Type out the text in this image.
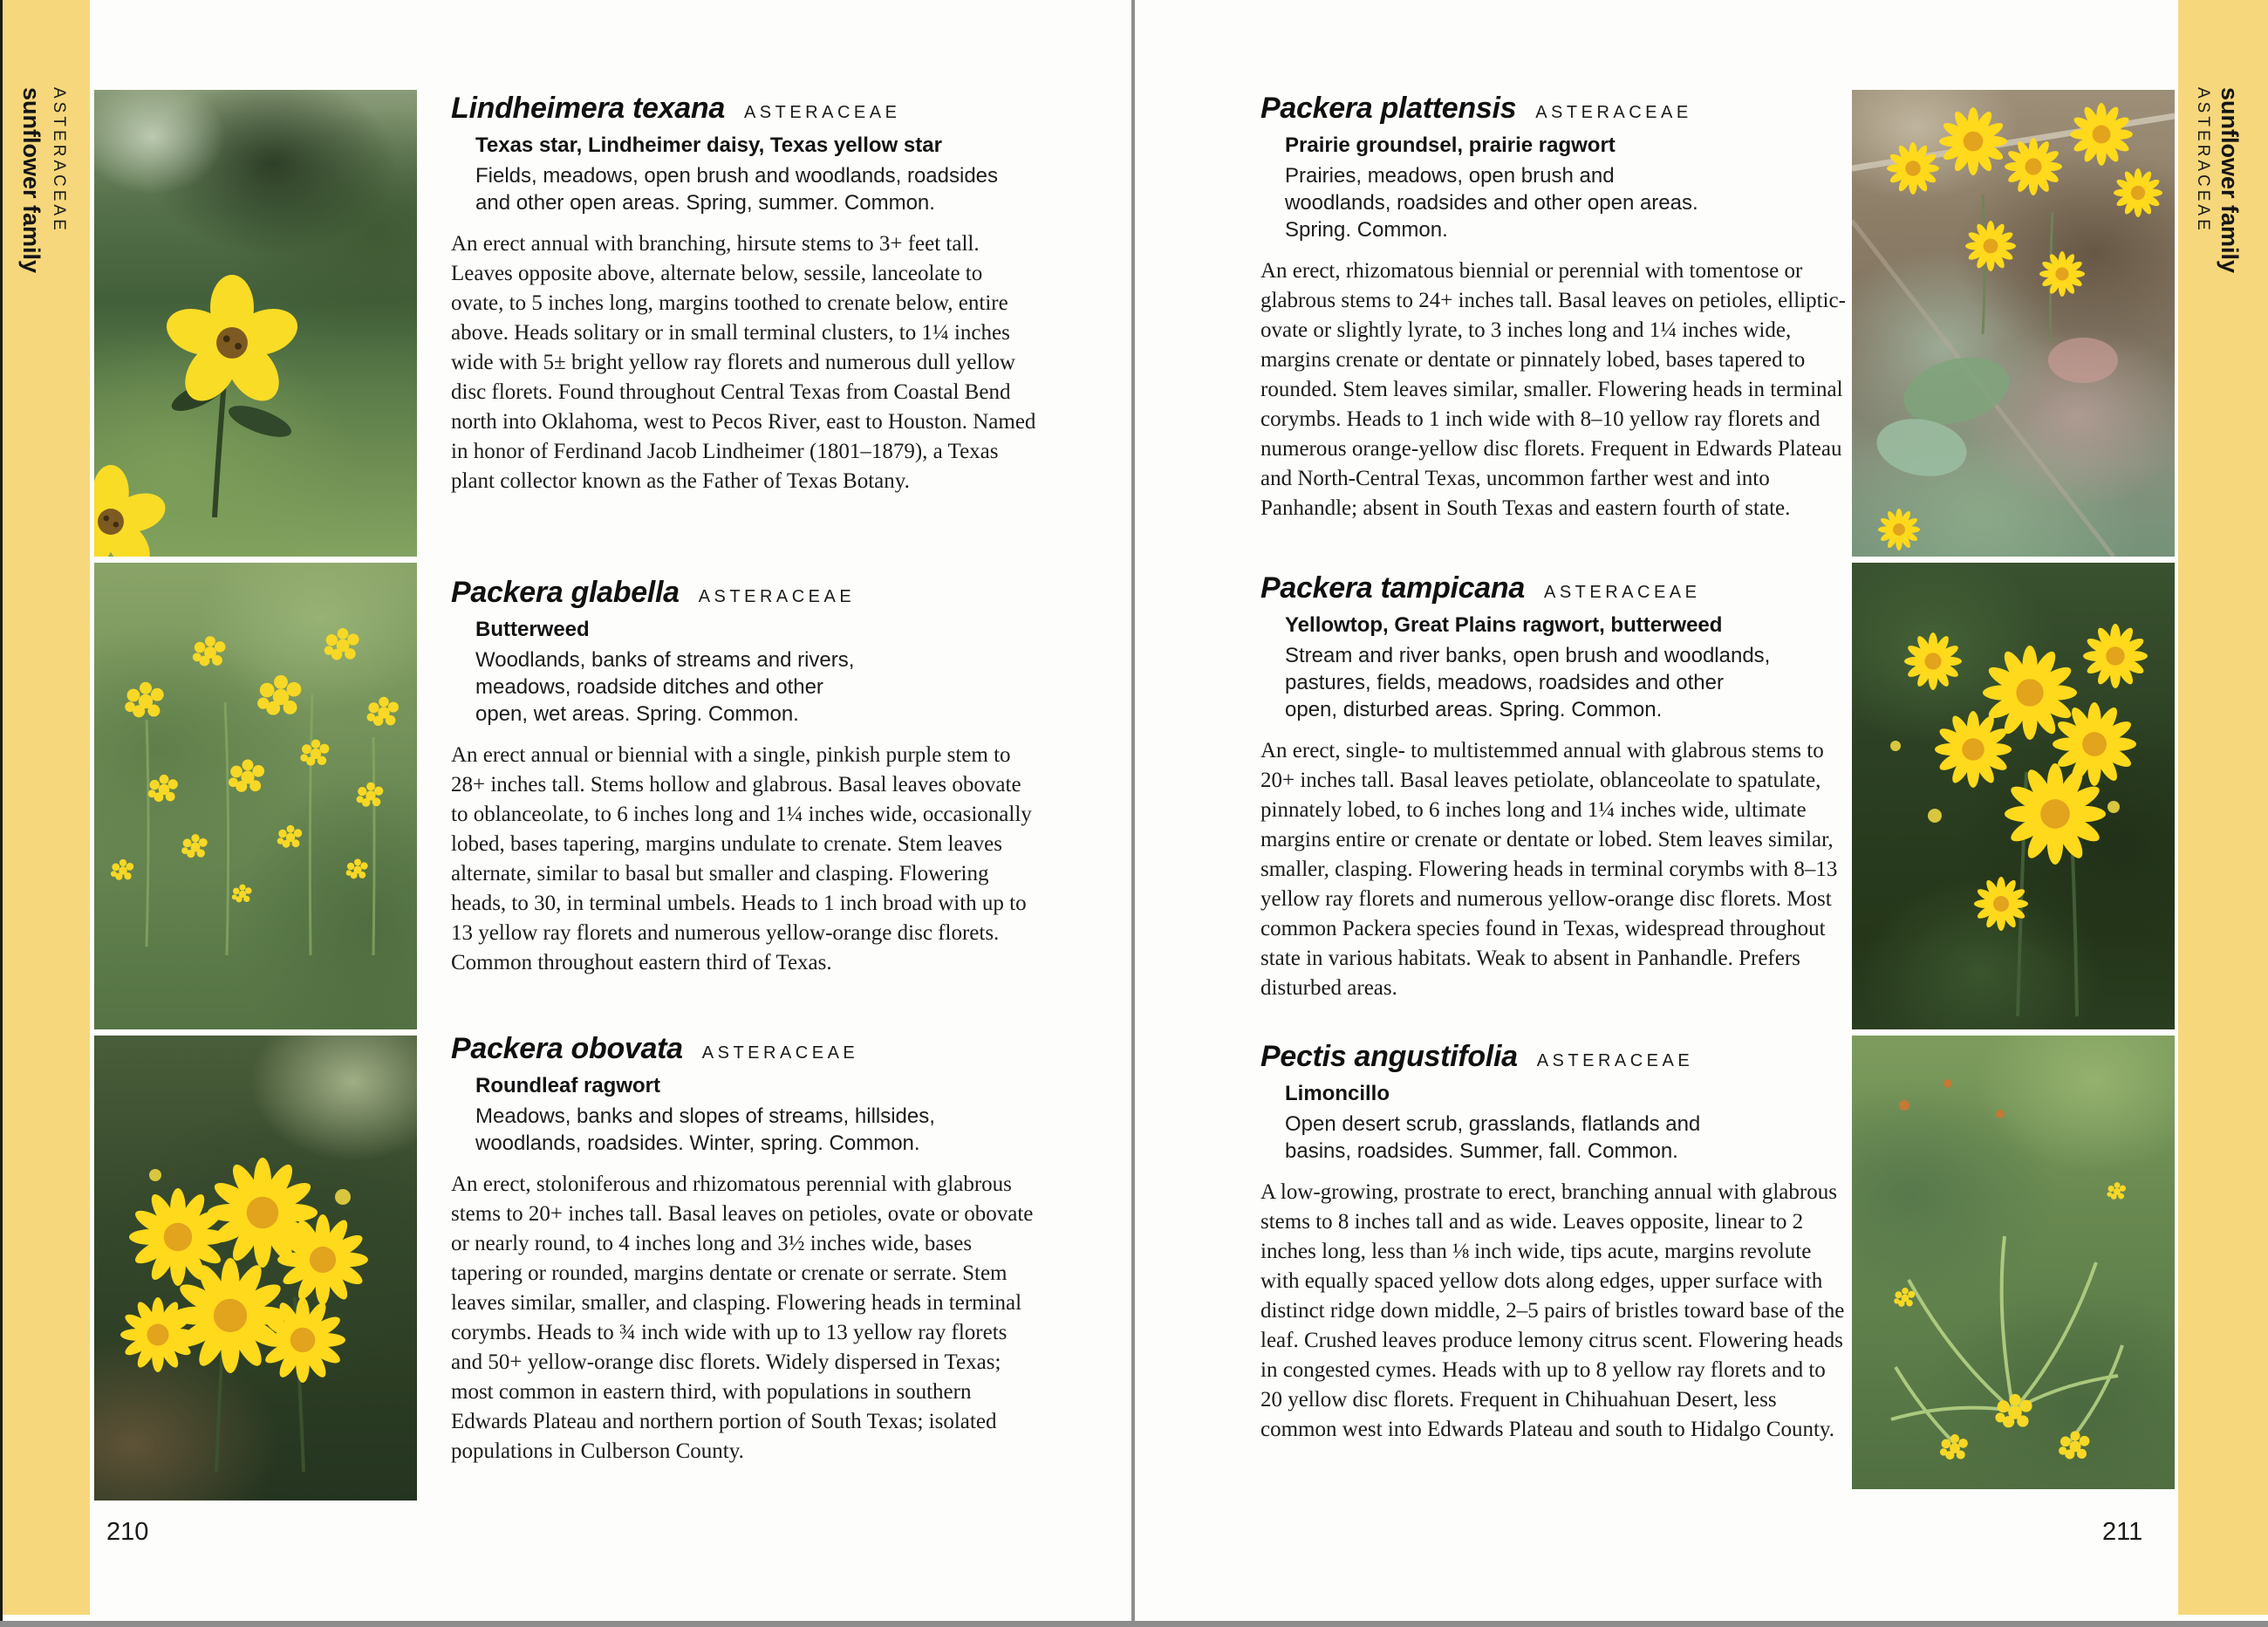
ASTERACEAE
sunflower family	sunflower family
ASTERACEAE
Lindheimera texana ASTERACEAE
Texas star, Lindheimer daisy, Texas yellow star
Fields, meadows, open brush and woodlands, roadsides and other open areas. Spring, summer. Common.

An erect annual with branching, hirsute stems to 3+ feet tall. Leaves opposite above, alternate below, sessile, lanceolate to ovate, to 5 inches long, margins toothed to crenate below, entire above. Heads solitary or in small terminal clusters, to 1¼ inches wide with 5± bright yellow ray florets and numerous dull yellow disc florets. Found throughout Central Texas from Coastal Bend north into Oklahoma, west to Pecos River, east to Houston. Named in honor of Ferdinand Jacob Lindheimer (1801–1879), a Texas plant collector known as the Father of Texas Botany.

Packera glabella ASTERACEAE
Butterweed
Woodlands, banks of streams and rivers, meadows, roadside ditches and other open, wet areas. Spring. Common.

An erect annual or biennial with a single, pinkish purple stem to 28+ inches tall. Stems hollow and glabrous. Basal leaves obovate to oblanceolate, to 6 inches long and 1¼ inches wide, occasionally lobed, bases tapering, margins undulate to crenate. Stem leaves alternate, similar to basal but smaller and clasping. Flowering heads, to 30, in terminal umbels. Heads to 1 inch broad with up to 13 yellow ray florets and numerous yellow-orange disc florets. Common throughout eastern third of Texas.

Packera obovata ASTERACEAE
Roundleaf ragwort
Meadows, banks and slopes of streams, hillsides, woodlands, roadsides. Winter, spring. Common.

An erect, stoloniferous and rhizomatous perennial with glabrous stems to 20+ inches tall. Basal leaves on petioles, ovate or obovate or nearly round, to 4 inches long and 3½ inches wide, bases tapering or rounded, margins dentate or crenate or serrate. Stem leaves similar, smaller, and clasping. Flowering heads in terminal corymbs. Heads to ¾ inch wide with up to 13 yellow ray florets and 50+ yellow-orange disc florets. Widely dispersed in Texas; most common in eastern third, with populations in southern Edwards Plateau and northern portion of South Texas; isolated populations in Culberson County.

Packera plattensis ASTERACEAE
Prairie groundsel, prairie ragwort
Prairies, meadows, open brush and woodlands, roadsides and other open areas. Spring. Common.

An erect, rhizomatous biennial or perennial with tomentose or glabrous stems to 24+ inches tall. Basal leaves on petioles, elliptic-ovate or slightly lyrate, to 3 inches long and 1¼ inches wide, margins crenate or dentate or pinnately lobed, bases tapered to rounded. Stem leaves similar, smaller. Flowering heads in terminal corymbs. Heads to 1 inch wide with 8–10 yellow ray florets and numerous orange-yellow disc florets. Frequent in Edwards Plateau and North-Central Texas, uncommon farther west and into Panhandle; absent in South Texas and eastern fourth of state.

Packera tampicana ASTERACEAE
Yellowtop, Great Plains ragwort, butterweed
Stream and river banks, open brush and woodlands, pastures, fields, meadows, roadsides and other open, disturbed areas. Spring. Common.

An erect, single- to multistemmed annual with glabrous stems to 20+ inches tall. Basal leaves petiolate, oblanceolate to spatulate, pinnately lobed, to 6 inches long and 1¼ inches wide, ultimate margins entire or crenate or dentate or lobed. Stem leaves similar, smaller, clasping. Flowering heads in terminal corymbs with 8–13 yellow ray florets and numerous yellow-orange disc florets. Most common Packera species found in Texas, widespread throughout state in various habitats. Weak to absent in Panhandle. Prefers disturbed areas.

Pectis angustifolia ASTERACEAE
Limoncillo
Open desert scrub, grasslands, flatlands and basins, roadsides. Summer, fall. Common.

A low-growing, prostrate to erect, branching annual with glabrous stems to 8 inches tall and as wide. Leaves opposite, linear to 2 inches long, less than ⅛ inch wide, tips acute, margins revolute with equally spaced yellow dots along edges, upper surface with distinct ridge down middle, 2–5 pairs of bristles toward base of the leaf. Crushed leaves produce lemony citrus scent. Flowering heads in congested cymes. Heads with up to 8 yellow ray florets and to 20 yellow disc florets. Frequent in Chihuahuan Desert, less common west into Edwards Plateau and south to Hidalgo County.

210	211
